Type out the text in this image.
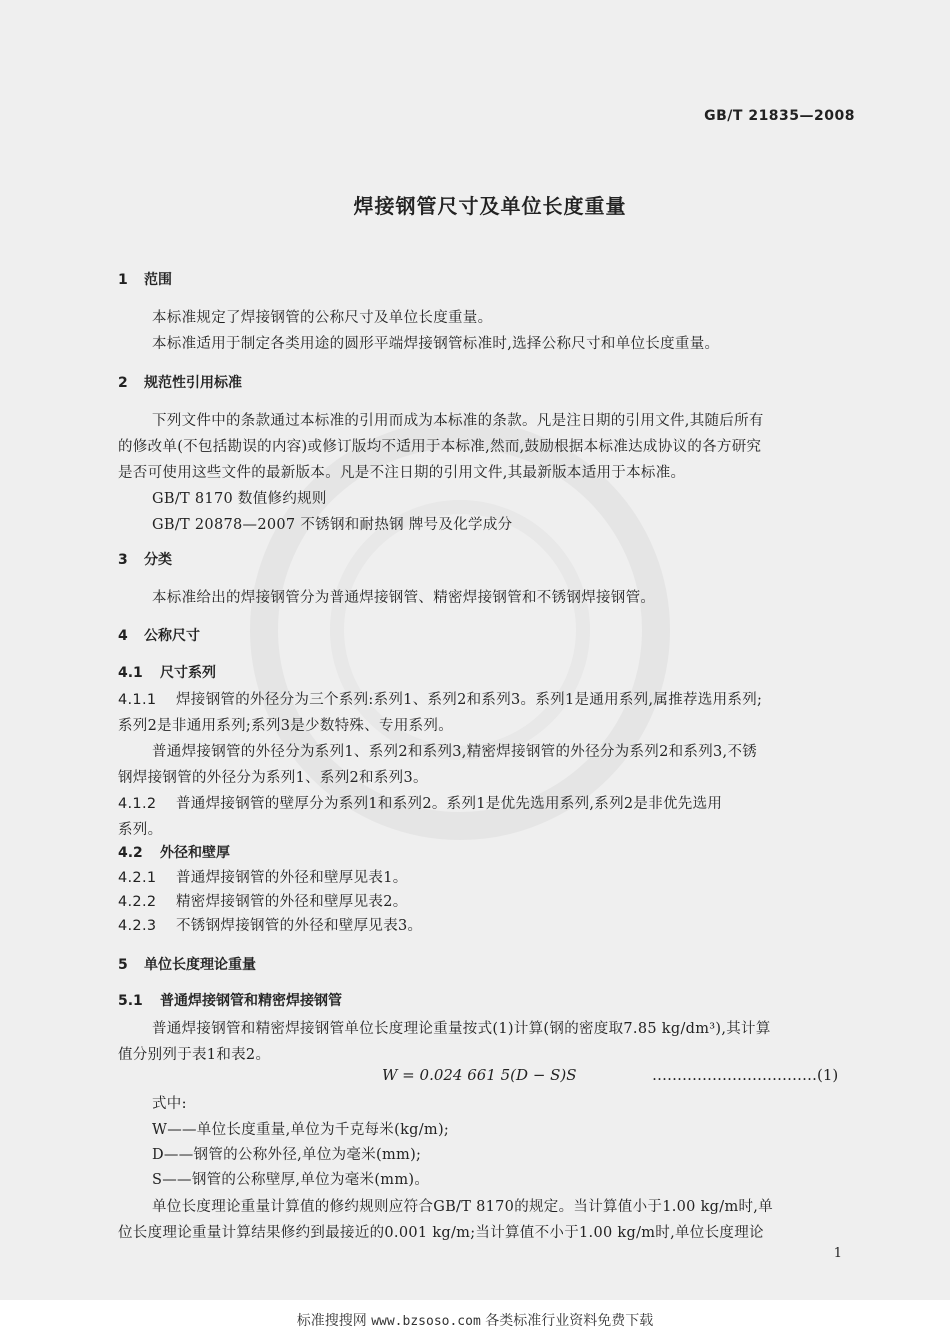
GB/T 21835—2008
焊接钢管尺寸及单位长度重量
1 范围
本标准规定了焊接钢管的公称尺寸及单位长度重量。
本标准适用于制定各类用途的圆形平端焊接钢管标准时,选择公称尺寸和单位长度重量。
2 规范性引用标准
下列文件中的条款通过本标准的引用而成为本标准的条款。凡是注日期的引用文件,其随后所有
的修改单(不包括勘误的内容)或修订版均不适用于本标准,然而,鼓励根据本标准达成协议的各方研究
是否可使用这些文件的最新版本。凡是不注日期的引用文件,其最新版本适用于本标准。
GB/T 8170 数值修约规则
GB/T 20878—2007 不锈钢和耐热钢 牌号及化学成分
3 分类
本标准给出的焊接钢管分为普通焊接钢管、精密焊接钢管和不锈钢焊接钢管。
4 公称尺寸
4.1 尺寸系列
4.1.1 焊接钢管的外径分为三个系列:系列1、系列2和系列3。系列1是通用系列,属推荐选用系列;
系列2是非通用系列;系列3是少数特殊、专用系列。
普通焊接钢管的外径分为系列1、系列2和系列3,精密焊接钢管的外径分为系列2和系列3,不锈
钢焊接钢管的外径分为系列1、系列2和系列3。
4.1.2 普通焊接钢管的壁厚分为系列1和系列2。系列1是优先选用系列,系列2是非优先选用
系列。
4.2 外径和壁厚
4.2.1 普通焊接钢管的外径和壁厚见表1。
4.2.2 精密焊接钢管的外径和壁厚见表2。
4.2.3 不锈钢焊接钢管的外径和壁厚见表3。
5 单位长度理论重量
5.1 普通焊接钢管和精密焊接钢管
普通焊接钢管和精密焊接钢管单位长度理论重量按式(1)计算(钢的密度取7.85 kg/dm³),其计算
值分别列于表1和表2。
W = 0.024 661 5(D − S)S	……………………………(1)
式中:
W——单位长度重量,单位为千克每米(kg/m);
D——钢管的公称外径,单位为毫米(mm);
S——钢管的公称壁厚,单位为毫米(mm)。
单位长度理论重量计算值的修约规则应符合GB/T 8170的规定。当计算值小于1.00 kg/m时,单
位长度理论重量计算结果修约到最接近的0.001 kg/m;当计算值不小于1.00 kg/m时,单位长度理论
1
标准搜搜网 www.bzsoso.com 各类标准行业资料免费下载
